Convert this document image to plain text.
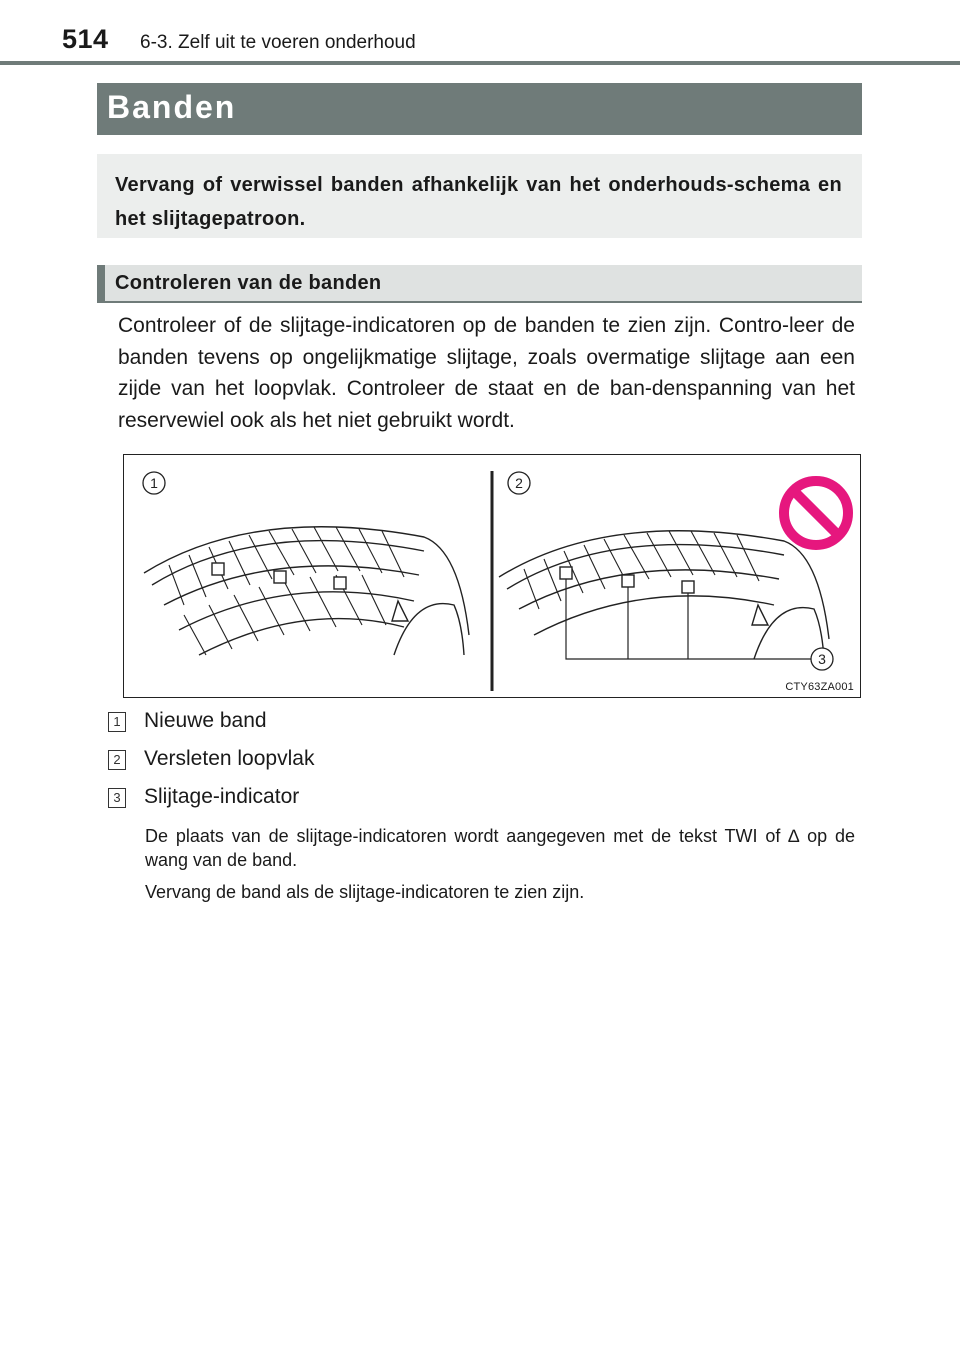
514 6-3. Zelf uit te voeren onderhoud
Banden

Vervang of verwissel banden afhankelijk van het onderhouds-schema en het slijtagepatroon.

Controleren van de banden

Controleer of de slijtage-indicatoren op de banden te zien zijn. Contro-leer de banden tevens op ongelijkmatige slijtage, zoals overmatige slijtage aan een zijde van het loopvlak. Controleer de staat en de ban-denspanning van het reservewiel ook als het niet gebruikt wordt.

1	2
3
CTY63ZA001
1 Nieuwe band
2 Versleten loopvlak
3 Slijtage-indicator

De plaats van de slijtage-indicatoren wordt aangegeven met de tekst TWI of ∆ op de wang van de band.

Vervang de band als de slijtage-indicatoren te zien zijn.
